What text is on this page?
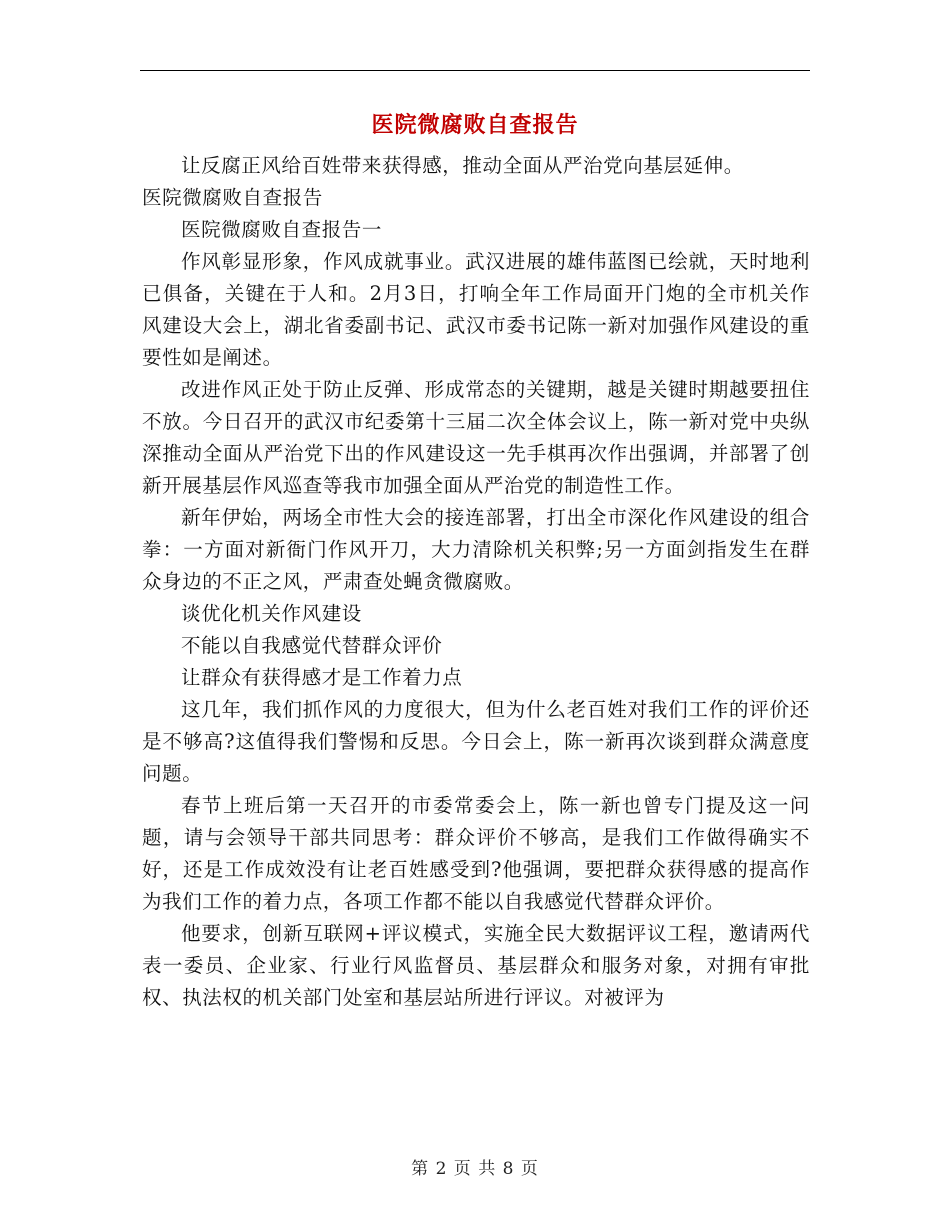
医院微腐败自查报告

让反腐正风给百姓带来获得感，推动全面从严治党向基层延伸。

医院微腐败自查报告

医院微腐败自查报告一

作风彰显形象，作风成就事业。武汉进展的雄伟蓝图已绘就，天时地利已俱备，关键在于人和。2月3日，打响全年工作局面开门炮的全市机关作风建设大会上，湖北省委副书记、武汉市委书记陈一新对加强作风建设的重要性如是阐述。

改进作风正处于防止反弹、形成常态的关键期，越是关键时期越要扭住不放。今日召开的武汉市纪委第十三届二次全体会议上，陈一新对党中央纵深推动全面从严治党下出的作风建设这一先手棋再次作出强调，并部署了创新开展基层作风巡查等我市加强全面从严治党的制造性工作。

新年伊始，两场全市性大会的接连部署，打出全市深化作风建设的组合拳：一方面对新衙门作风开刀，大力清除机关积弊;另一方面剑指发生在群众身边的不正之风，严肃查处蝇贪微腐败。

谈优化机关作风建设

不能以自我感觉代替群众评价

让群众有获得感才是工作着力点

这几年，我们抓作风的力度很大，但为什么老百姓对我们工作的评价还是不够高?这值得我们警惕和反思。今日会上，陈一新再次谈到群众满意度问题。

春节上班后第一天召开的市委常委会上，陈一新也曾专门提及这一问题，请与会领导干部共同思考：群众评价不够高，是我们工作做得确实不好，还是工作成效没有让老百姓感受到?他强调，要把群众获得感的提高作为我们工作的着力点，各项工作都不能以自我感觉代替群众评价。

他要求，创新互联网+评议模式，实施全民大数据评议工程，邀请两代表一委员、企业家、行业行风监督员、基层群众和服务对象，对拥有审批权、执法权的机关部门处室和基层站所进行评议。对被评为

第 2 页 共 8 页
